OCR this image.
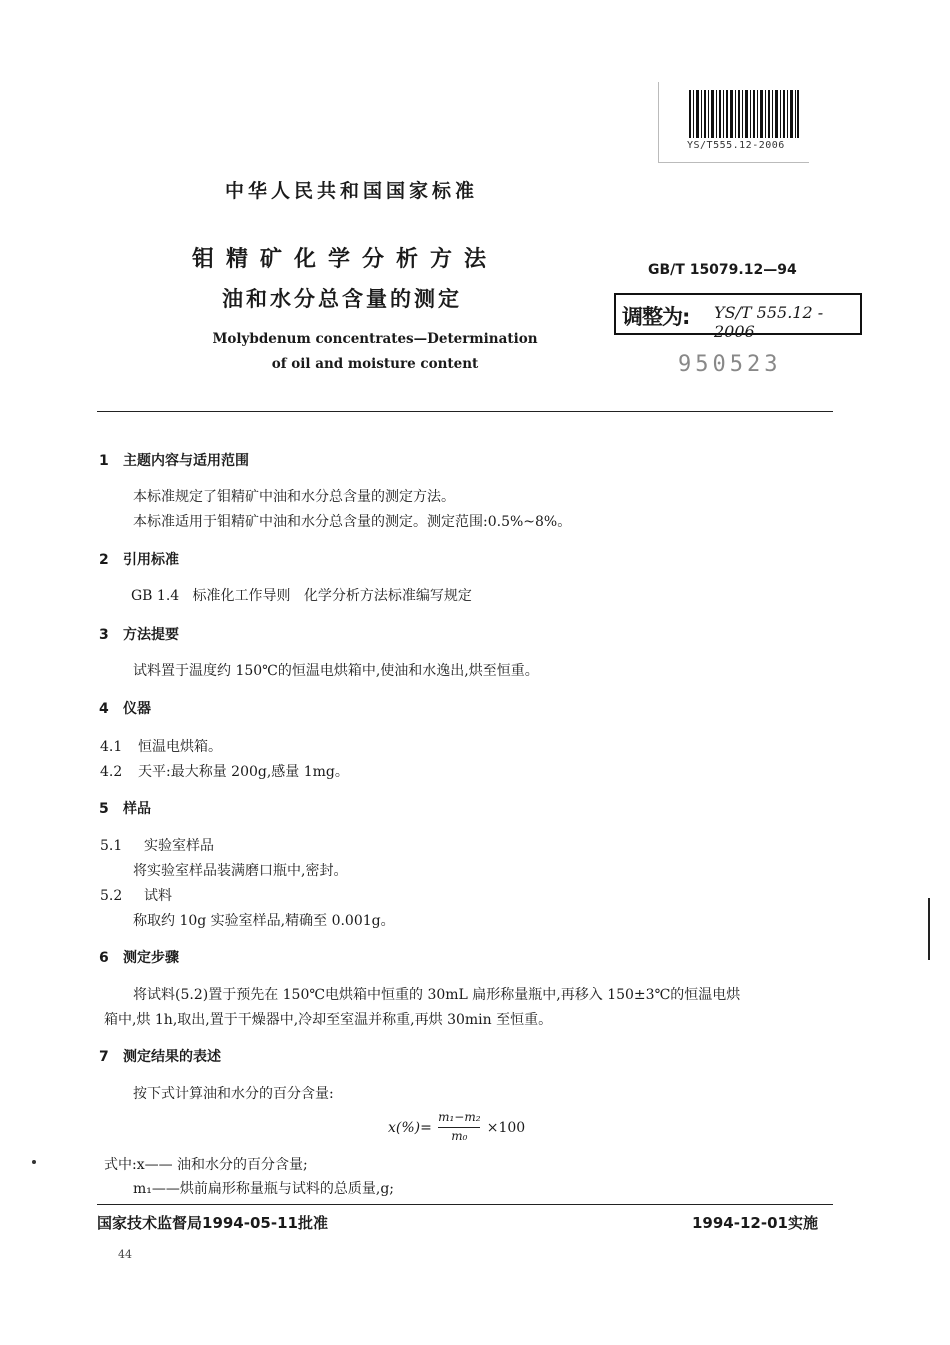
YS/T555.12-2006
中华人民共和国国家标准
钼精矿化学分析方法
油和水分总含量的测定
Molybdenum concentrates—Determination
of oil and moisture content
GB/T 15079.12—94
调整为: YS/T 555.12 - 2006
950523
1 主题内容与适用范围
本标准规定了钼精矿中油和水分总含量的测定方法。
本标准适用于钼精矿中油和水分总含量的测定。测定范围:0.5%~8%。
2 引用标准
GB 1.4   标准化工作导则   化学分析方法标准编写规定
3 方法提要
试料置于温度约 150℃的恒温电烘箱中,使油和水逸出,烘至恒重。
4 仪器
4.1 恒温电烘箱。
4.2 天平:最大称量 200g,感量 1mg。
5 样品
5.1 实验室样品
将实验室样品装满磨口瓶中,密封。
5.2 试料
称取约 10g 实验室样品,精确至 0.001g。
6 测定步骤
将试料(5.2)置于预先在 150℃电烘箱中恒重的 30mL 扁形称量瓶中,再移入 150±3℃的恒温电烘
箱中,烘 1h,取出,置于干燥器中,冷却至室温并称重,再烘 30min 至恒重。
7 测定结果的表述
按下式计算油和水分的百分含量:
$x(\%)= \frac{\text{m₁−m₂}}{\text{m₀}} \times 100$
式中:x—— 油和水分的百分含量;
m₁——烘前扁形称量瓶与试料的总质量,g;
国家技术监督局1994-05-11批准	1994-12-01实施
44
